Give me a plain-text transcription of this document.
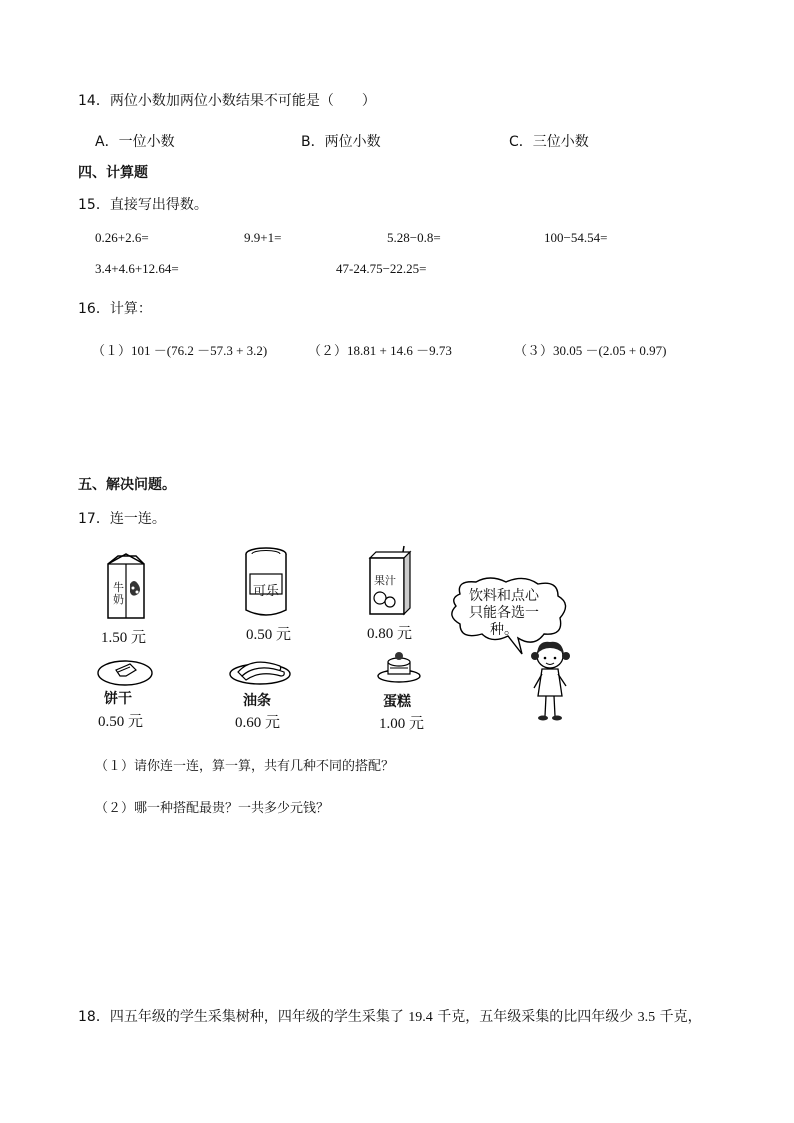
14．两位小数加两位小数结果不可能是（　　）
A．一位小数	B．两位小数	C．三位小数
四、计算题
15．直接写出得数。
0.26+2.6=	9.9+1=	5.28−0.8=	100−54.54=
3.4+4.6+12.64=	47-24.75−22.25=
16．计算：
（１）101 －(76.2 －57.3 + 3.2)	（２）18.81 + 14.6 －9.73	（３）30.05 －(2.05 + 0.97)
五、解决问题。
17．连一连。
牛
奶
1.50 元
可乐
0.50 元
果汁
0.80 元
饮料和点心
只能各选一
种。
饼干
0.50 元
油条
0.60 元
蛋糕
1.00 元
（１）请你连一连，算一算，共有几种不同的搭配？
（２）哪一种搭配最贵？一共多少元钱？
18．四五年级的学生采集树种，四年级的学生采集了 19.4 千克，五年级采集的比四年级少 3.5 千克，
